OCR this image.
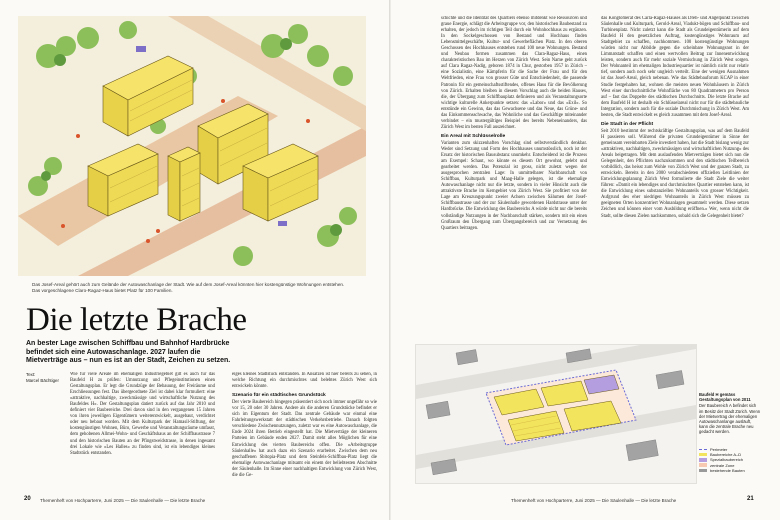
Das Josef-Areal gehört auch zum Gelände der Autowaschanlage der Stadt. Wie auf dem Josef-Areal könnten hier kostengünstige Wohnungen entstehen. Das vorgeschlagene Claro-Ragaz-Haus bietet Platz für 100 Familien.
Die letzte Brache
An bester Lage zwischen Schiffbau und Bahnhof Hardbrücke befindet sich eine Autowaschanlage. 2027 laufen die Mietverträge aus – nun es ist an der Stadt, Zeichen zu setzen.
Text:
Marcel Bächtiger

Wie für viele Areale im ehemaligen Industriegebiet gilt es auch für das Baufeld H zu prüfen: Umnutzung und Pflegeinstitutionen einen Gestaltungsplan. Er legt die Grundzüge der Bebauung, der Freiräume und Erschliessungen fest. Das übergeordnete Ziel ist dabei klar formuliert: eine «attraktive, nachhaltige, zweckmässige und wirtschaftliche Nutzung des Baufeldes H». Der Gestaltungsplan datiert zurück auf das Jahr 2010 und definiert vier Baubereiche. Drei davon sind in den vergangenen 15 Jahren von ihren jeweiligen Eigentümern weiterentwickelt, ausgebaut, verdichtet oder neu bebaut worden. Mit dem Kulturpark der Hamasil-Stiftung, der kostengünstigen Wohnen, Büro, Gewerbe und Veranstaltungsräume umfasst, dem gehobenen Allmei-Wohn- und Geschäftshaus an der Schiffbaustrasse 7 und den historischen Bauten an der Pfingstweidstrasse, in denen ingesamt drei Lokale wie «Les Halles» zu finden sind, ist ein lebendiges kleines Stadtstück entstanden.

eiges kleines Stadtstück entstanden. In Ansätzen ist hier bereits zu sehen, in welche Richtung ein durchmischtes und belebtes Zürich West sich entwickeln könnte.

Szenario für ein städtisches Grundstück

Der vierte Baubereich hingegen präsentiert sich noch immer ungefähr so wie vor 15, 20 oder 30 Jahren. Andere als die anderen Grundstücke befindet er sich im Eigentum der Stadt. Das zentrale Gebäude war einmal eine Fahrleitungswerkstatt der städtischen Verkehrsbetriebe. Danach folgten verschiedene Zwischennutzungen, zuletzt war es eine Autowaschanlage, die Ende 2024 ihren Betrieb eingestellt hat. Die Mietverträge der kleineren Parteien im Gebäude enden 2027. Damit steht alles Möglichen für eine Entwicklung des vierten Baubereichs offen. Die «Arbeitsgruppe Säulenhalle» hat auch dazu ein Szenario erarbeitet. Zwischen dem neu geschaffenen Sbitopia-Platz und dem Steinfels-Schiffbau-Platz liegt die ehemalige Autowaschanlage mitsamt ein einem der beliebtesten Abschnitte der Säulenhalle. Im Sinne einer nachhaltigen Entwicklung von Zürich West, die die Ge-

20 Themenheft von Hochparterre, Juni 2025 — Die Säulenhalle — Die letzte Brache

schichte und die Identität des Quartiers ebenso mitdenkt wie Ressourcen und graue Energie, schlägt die Arbeitsgruppe vor, den historischen Baubestand zu erhalten, der jedoch im richtigen Teil durch ein Wohnhochhaus zu ergänzen. In den Sockelgeschossen von Bestand und Hochhaus finden Lebensmittelgeschäfte, Kultur- und Gewerbeflächen Platz. In den oberen Geschossen des Hochhauses entstehen rund 100 neue Wohnungen. Bestand und Neubau formen zusammen das Clara-Ragaz-Haus, einen charakteristischen Bau im Herzen von Zürich West. Sein Name geht zurück auf Clara Ragaz-Nadig, geboren 1874 in Chur, gestorben 1957 in Zürich – eine Sozialistin, eine Kämpferin für die Sache der Frau und für den Weltfrieden, eine Frau von grosser Güte und Entschiedenheit, die passende Patronin für ein gemeinschaftsstiftendes, offenes Haus für die Bevölkerung von Zürich. Erhalten bleiben in diesem Vorschlag auch die beiden Hauses, die, der Übergang zum Schiffbauplatz definieren und als Veranstaltungsorte wichtige kulturelle Ankerpunkte setzen: das «Labor» und das «Exil». So entstünde ein Gewinn, das das Gewachsene und das Neue, das Grüne- und das Einkommensschwache, das Wohnliche und das Geschäftige miteinander verbindet – ein mustergültiges Beispiel des bereits Nebeneinanders, das Zürich West im besten Fall auszeichnet.

Ein Areal mit Schlüsselrolle

Varianten zum skizzenhaften Vorschlag sind selbstverständlich denkbar. Weder sind Setzung und Form des Hochhauses unumstösslich, noch ist der Ersatz der historischen Bausubstanz unumkehr. Entscheidend ist die Prozess am Exempel: Schaut, wo könnte es diesem Ort gewohnt, gelebt und gearbeitet werden. Das Potenzial ist gross, nicht zuletzt wegen der ausgesprochen zentralen Lage: In unmittelbarer Nachbarschaft von Schiffbau, Kulturpark und Maag-Halle gelegen, ist die ehemalige Autowaschanlage nicht nur die letzte, sondern in vieler Hinsicht auch die attraktivste Brache im Kerngebiet von Zürich West. Sie profitiert von der Lage am Kreuzungspunkt zweier Achsen zwischen Sälumen der Josef-Schiffbaustrasse und der zur Säulenhalle gewordenen Hardstrasse unter der Hardbrücke. Die Entwicklung des Baubereichs A würde nicht nur die bereits vollständige Nutzungen in der Nachbarschaft stärken, sondern mit ein einen Großraum den Übergang zum Übergangsbereich und zur Vernetzung des Quartiers beitragen.

das Konglomerat des Carla-Ragaz-Hauses als Dreh- und Angelpunkt zwischen Säulenhalle und Kulturpark, Gerold-Areal, Viadukt-bögen und Schiffbau- und Turbinenplatz. Nicht zuletzt kann die Stadt als Grundeigentümerin auf dem Baufeld H den gesetzlichen Auftrag, kostengünstiges Wohnraum auf Stadtgebiet zu schaffen, nachkommen. 100 kostengünstige Wohnungen würden nicht nur Abbilde gegen die scheinbare Wohnungsnot in der Limmatstadt schaffen und einen wertvollen Beitrag zur Innenentwicklung leisten, sondern auch für mehr soziale Vermischung in Zürich West sorgen. Der Wohnanteil im ehemaligen Industriequartier ist nämlich nicht nur relativ tief, sondern auch noch sehr ungleich verteilt. Eine der wenigen Ausnahmen ist das Josef-Areal, gleich nebenan. Wie das Städtebauforum KCAP in einer Studie festgehalten hat, wohnen die meisten neuen Wohnhäusern in Zürich West einer durchschnittliche Wohnfläche von 80 Quadratmetern pro Person auf – fast das Doppelte des städtischen Durchschnitts. Die letzte Brache auf dem Baufeld H ist deshalb ein Schlüsselareal nicht nur für die städtebauliche Integration, sondern auch für die soziale Durchmischung in Zürich West. Am besten, die Stadt entwickelt es gleich zusammen mit dem Josef-Areal.

Die Stadt in der Pflicht

Seit 2010 bestimmt der rechtskräftige Gestaltungsplan, was auf dem Baufeld H passieren soll. Während die privaten Grundeigentümer in Sinne der gemeinsam vereinbarten Ziele investiert haben, hat die Stadt bislang wenig zur «attraktiven, nachhaltigen, zweckmässigen und wirtschaftlichen Nutzung» des Areals beigetragen. Mit dem auslaufenden Mietverträgen bietet sich nun die Gelegenheit, den Pflichten nachzukommen und den städtischen Teilbereich vorbildlich, das heisst zum Wohle von Zürich West und der ganzen Stadt, zu entwickeln. Bereits in den 2000 verabschiedeten offiziellen Leitlinien der Entwicklungsplanung Zürich West formulierte die Stadt Ziele die weiter führen: «Damit ein lebendiges und durchmischtes Quartier entstehen kann, ist die Entwicklung eines substanziellen Wohnanteils von grosser Wichtigkeit. Aufgrund des eher niedrigen Wohnanteils in Zürich West müssen zu geeigneten Orten konzentriert Wohnanlagen gesammelt werden. Diese setzen Zeichen und können einer vom Ausbildung eröffnen.» Wer, wenn nicht die Stadt, sollte diesen Zielen nachkommen, sobald sich die Gelegenheit bietet?

Baufeld H gemäss Gestaltungsplan von 2011
Der Baubereich A befindet sich im Besitz der Stadt Zürich. Wenn der Mietvertrag der ehemaligen Autowaschanlange ausläuft, kann die zentrale Brache neu gedacht werden.
Perimeter
Baubereiche A–D
Spezialbaubereich
zentrale Zone
bestehende Bauten
Themenheft von Hochparterre, Juni 2025 — Die Säulenhalle — Die letzte Brache	21
